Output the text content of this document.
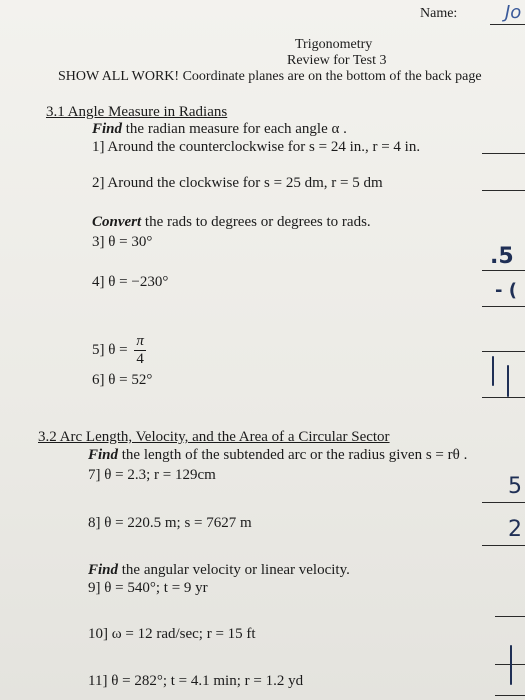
Name:	Jo
Trigonometry
Review for Test 3
SHOW ALL WORK! Coordinate planes are on the bottom of the back page
3.1 Angle Measure in Radians
Find the radian measure for each angle α .
1] Around the counterclockwise for s = 24 in., r = 4 in.
2] Around the clockwise for s = 25 dm, r = 5 dm
Convert the rads to degrees or degrees to rads.
3] θ = 30°
.5
4] θ = −230°	- (
5] $\theta = \frac{\pi}{4}$
6] θ = 52°
3.2 Arc Length, Velocity, and the Area of a Circular Sector
Find the length of the subtended arc or the radius given s = rθ .
7] θ = 2.3; r = 129cm	5
8] θ = 220.5 m; s = 7627 m	2
Find the angular velocity or linear velocity.
9] θ = 540°; t = 9 yr
10] ω = 12 rad/sec; r = 15 ft
11] θ = 282°; t = 4.1 min; r = 1.2 yd
